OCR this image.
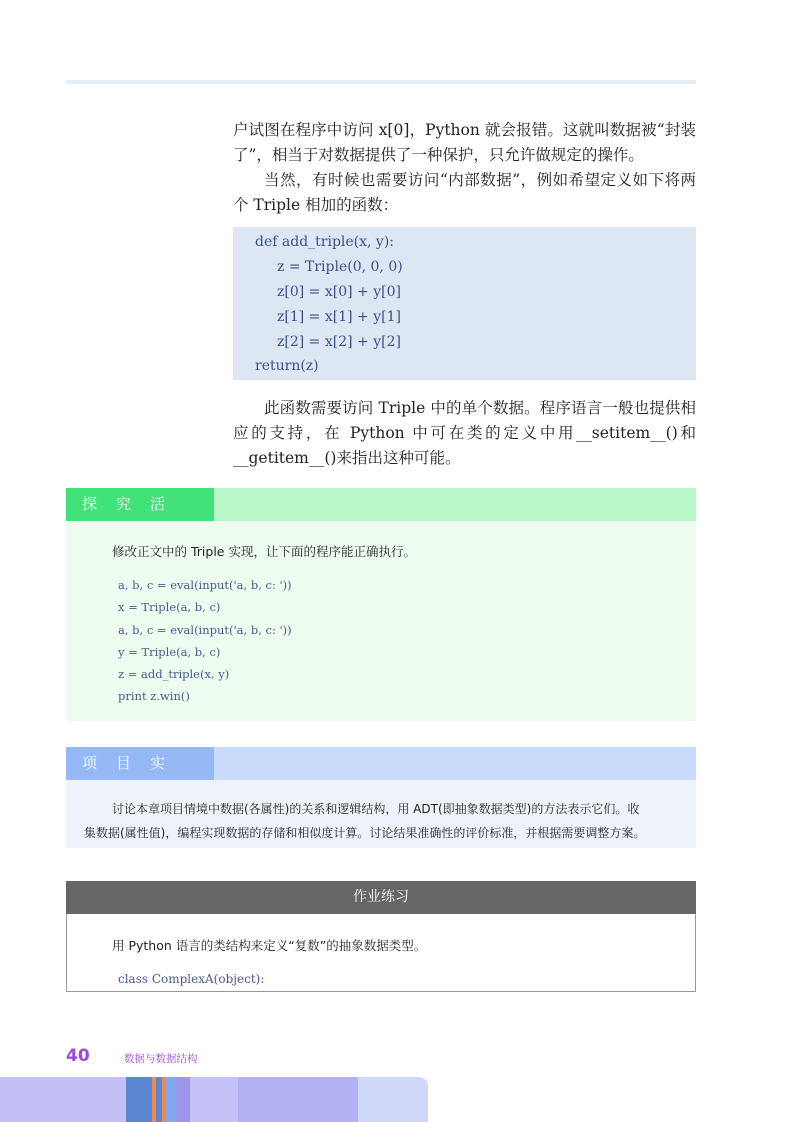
户试图在程序中访问 x[0]，Python 就会报错。这就叫数据被“封装了”，相当于对数据提供了一种保护，只允许做规定的操作。

当然，有时候也需要访问“内部数据”，例如希望定义如下将两个 Triple 相加的函数：

def add_triple(x, y):
z = Triple(0, 0, 0)
z[0] = x[0] + y[0]
z[1] = x[1] + y[1]
z[2] = x[2] + y[2]
return(z)

此函数需要访问 Triple 中的单个数据。程序语言一般也提供相应的支持，在 Python 中可在类的定义中用__setitem__()和__getitem__()来指出这种可能。

探究活
修改正文中的 Triple 实现，让下面的程序能正确执行。
a, b, c = eval(input('a, b, c: '))
x = Triple(a, b, c)
a, b, c = eval(input('a, b, c: '))
y = Triple(a, b, c)
z = add_triple(x, y)
print z.win()
项目实
讨论本章项目情境中数据(各属性)的关系和逻辑结构，用 ADT(即抽象数据类型)的方法表示它们。收
集数据(属性值)，编程实现数据的存储和相似度计算。讨论结果准确性的评价标准，并根据需要调整方案。
作业练习
用 Python 语言的类结构来定义“复数”的抽象数据类型。
class ComplexA(object):
40	数据与数据结构
